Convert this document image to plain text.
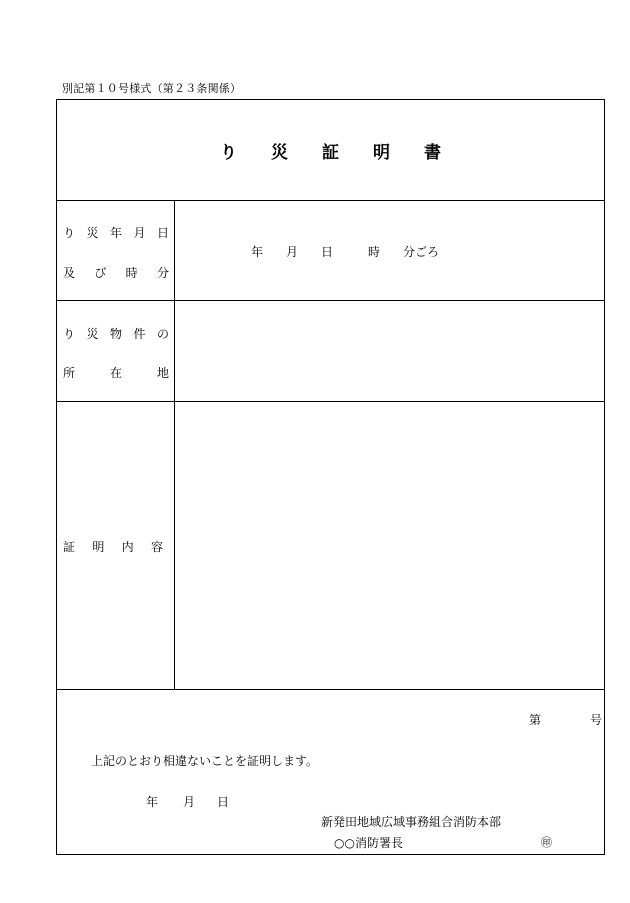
別記第１０号様式（第２３条関係）
り災証明書
り 災 年 月 日
及 び 時 分
年 月 日	時 分ごろ
り 災 物 件 の
所	在	地
証 明 内 容
第	号
上記のとおり相違ないことを証明します。
年 月 日
新発田地域広域事務組合消防本部
○○消防署長	㊞
